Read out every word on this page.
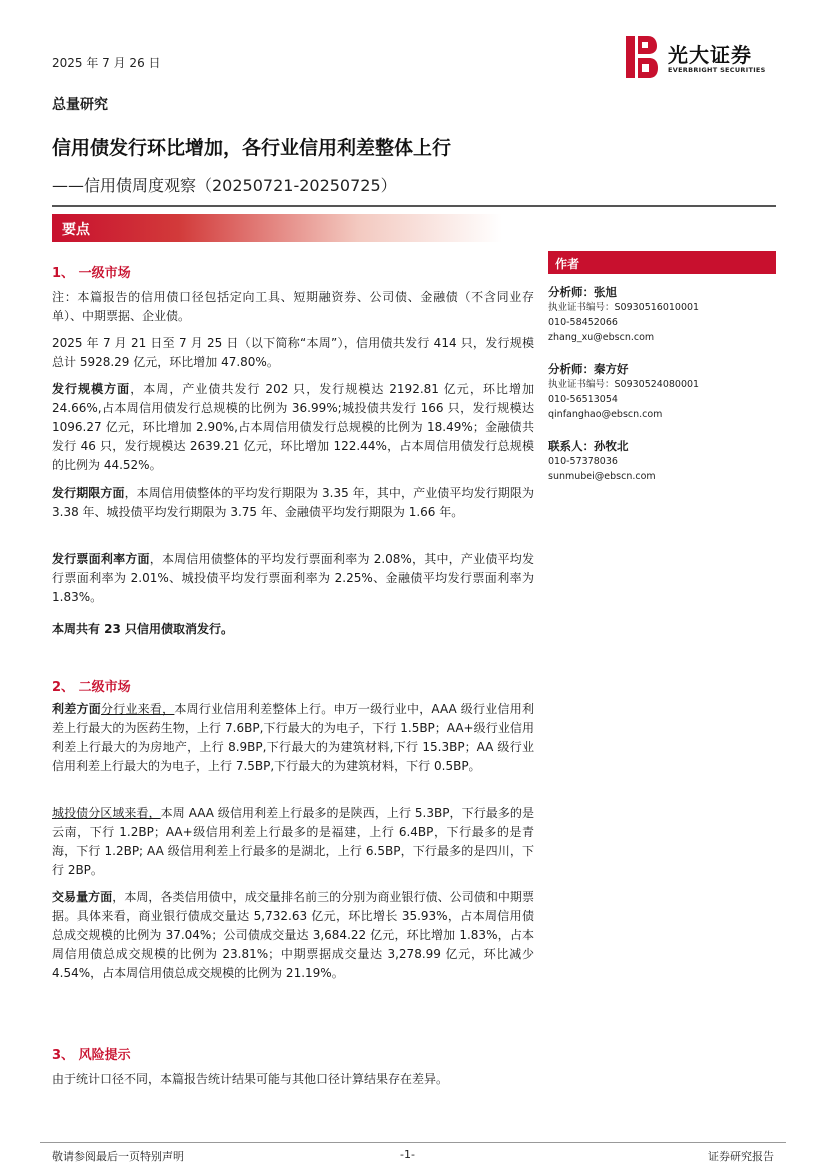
2025 年 7 月 26 日	光大证券
EVERBRIGHT SECURITIES
总量研究
信用债发行环比增加，各行业信用利差整体上行
——信用债周度观察（20250721-20250725）
要点
1、 一级市场
注：本篇报告的信用债口径包括定向工具、短期融资券、公司债、金融债（不含同业存单）、中期票据、企业债。
2025 年 7 月 21 日至 7 月 25 日（以下简称“本周”），信用债共发行 414 只，发行规模总计 5928.29 亿元，环比增加 47.80%。
发行规模方面，本周，产业债共发行 202 只，发行规模达 2192.81 亿元，环比增加 24.66%,占本周信用债发行总规模的比例为 36.99%;城投债共发行 166 只，发行规模达 1096.27 亿元，环比增加 2.90%,占本周信用债发行总规模的比例为 18.49%；金融债共发行 46 只，发行规模达 2639.21 亿元，环比增加 122.44%，占本周信用债发行总规模的比例为 44.52%。
发行期限方面，本周信用债整体的平均发行期限为 3.35 年，其中，产业债平均发行期限为 3.38 年、城投债平均发行期限为 3.75 年、金融债平均发行期限为 1.66 年。
发行票面利率方面，本周信用债整体的平均发行票面利率为 2.08%，其中，产业债平均发行票面利率为 2.01%、城投债平均发行票面利率为 2.25%、金融债平均发行票面利率为 1.83%。
本周共有 23 只信用债取消发行。
2、 二级市场
利差方面分行业来看，本周行业信用利差整体上行。申万一级行业中，AAA 级行业信用利差上行最大的为医药生物，上行 7.6BP,下行最大的为电子，下行 1.5BP；AA+级行业信用利差上行最大的为房地产，上行 8.9BP,下行最大的为建筑材料,下行 15.3BP；AA 级行业信用利差上行最大的为电子，上行 7.5BP,下行最大的为建筑材料，下行 0.5BP。
城投债分区域来看，本周 AAA 级信用利差上行最多的是陕西，上行 5.3BP，下行最多的是云南，下行 1.2BP；AA+级信用利差上行最多的是福建，上行 6.4BP，下行最多的是青海，下行 1.2BP; AA 级信用利差上行最多的是湖北，上行 6.5BP，下行最多的是四川，下行 2BP。
交易量方面，本周，各类信用债中，成交量排名前三的分别为商业银行债、公司债和中期票据。具体来看，商业银行债成交量达 5,732.63 亿元，环比增长 35.93%，占本周信用债总成交规模的比例为 37.04%；公司债成交量达 3,684.22 亿元，环比增加 1.83%，占本周信用债总成交规模的比例为 23.81%；中期票据成交量达 3,278.99 亿元，环比减少 4.54%，占本周信用债总成交规模的比例为 21.19%。
3、 风险提示
由于统计口径不同，本篇报告统计结果可能与其他口径计算结果存在差异。
作者
分析师：张旭
执业证书编号：S0930516010001
010-58452066
zhang_xu@ebscn.com
分析师：秦方好
执业证书编号：S0930524080001
010-56513054
qinfanghao@ebscn.com
联系人：孙牧北
010-57378036
sunmubei@ebscn.com
敬请参阅最后一页特别声明	-1-	证券研究报告
